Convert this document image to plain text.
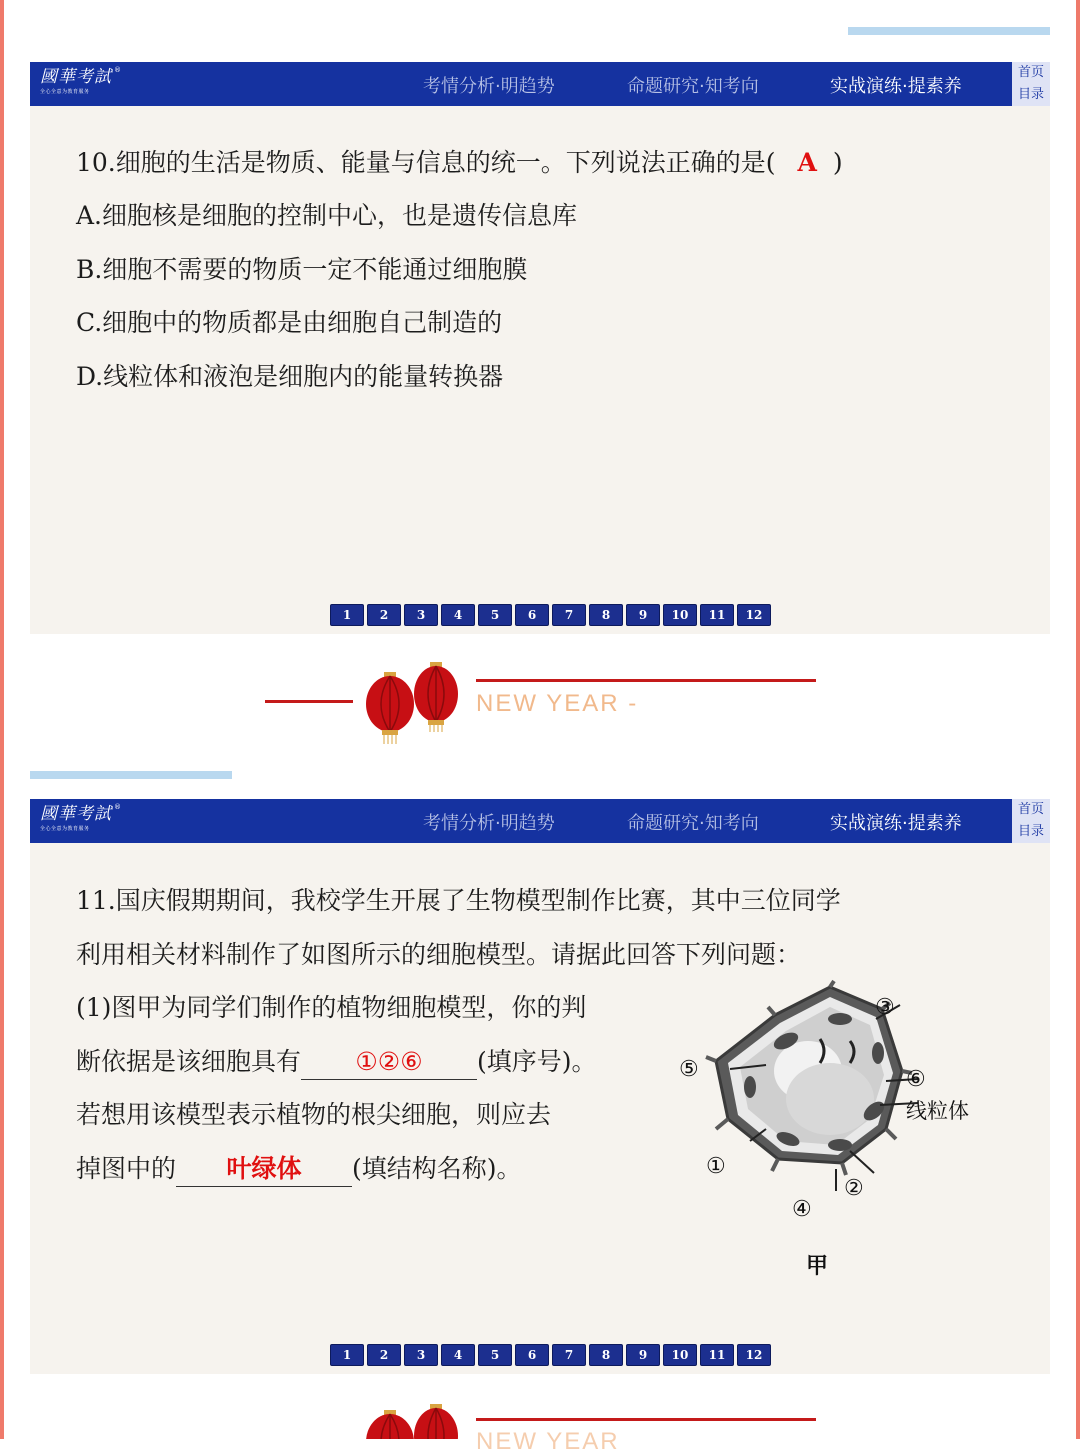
國華考試
全心全意为教育服务
®
考情分析·明趋势	命题研究·知考向	实战演练·提素养
首页
目录
10.细胞的生活是物质、能量与信息的统一。下列说法正确的是( A )
A.细胞核是细胞的控制中心，也是遗传信息库
B.细胞不需要的物质一定不能通过细胞膜
C.细胞中的物质都是由细胞自己制造的
D.线粒体和液泡是细胞内的能量转换器
1	2	3	4	5	6	7	8	9	10	11	12
NEW YEAR -
國華考試
全心全意为教育服务
®
考情分析·明趋势	命题研究·知考向	实战演练·提素养
首页
目录
11.国庆假期期间，我校学生开展了生物模型制作比赛，其中三位同学
利用相关材料制作了如图所示的细胞模型。请据此回答下列问题：
(1)图甲为同学们制作的植物细胞模型，你的判
断依据是该细胞具有 ①②⑥ (填序号)。
若想用该模型表示植物的根尖细胞，则应去
掉图中的 叶绿体 (填结构名称)。
③
⑤	⑥
线粒体
①
②
④
甲
1	2	3	4	5	6	7	8	9	10	11	12
NEW YEAR
